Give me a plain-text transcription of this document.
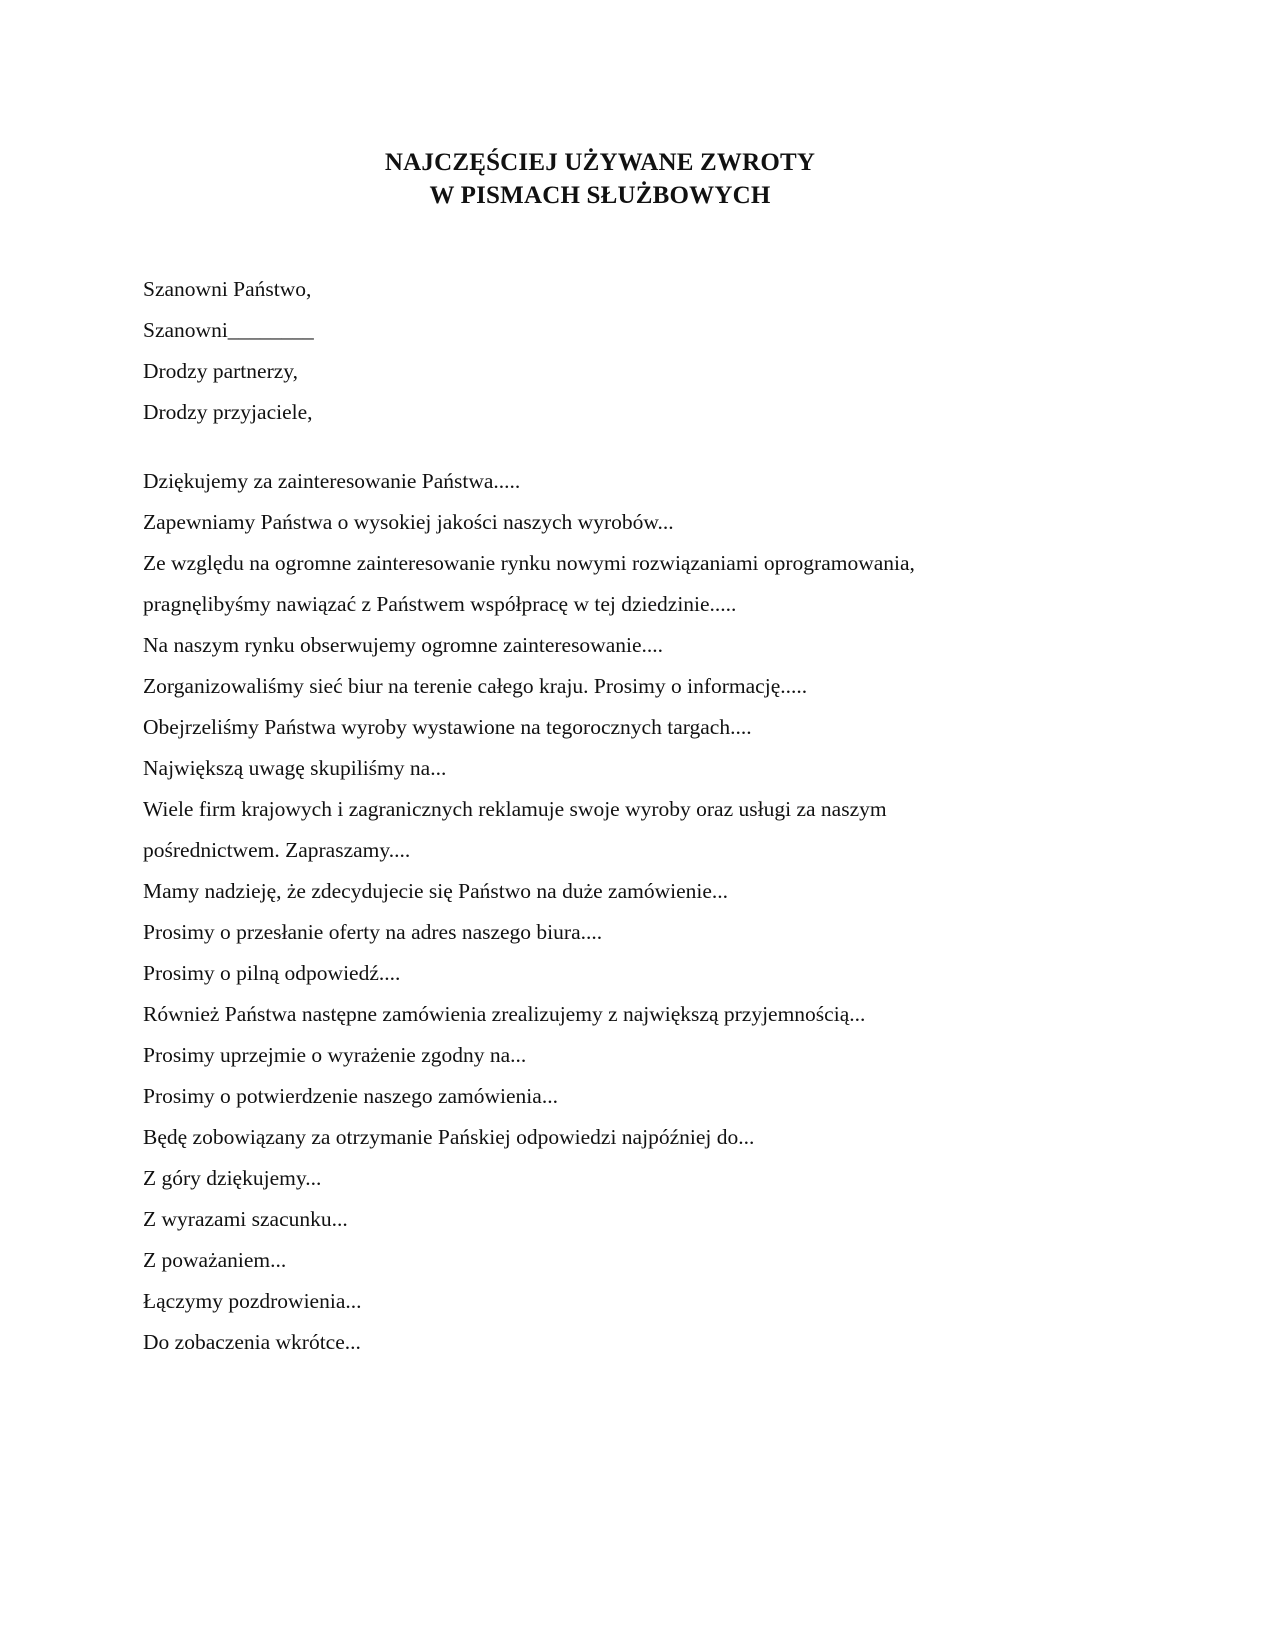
NAJCZĘŚCIEJ UŻYWANE ZWROTY
W PISMACH SŁUŻBOWYCH
Szanowni Państwo,
Szanowni________
Drodzy partnerzy,
Drodzy przyjaciele,
Dziękujemy za zainteresowanie Państwa.....
Zapewniamy Państwa o wysokiej jakości naszych wyrobów...
Ze względu na ogromne zainteresowanie rynku nowymi rozwiązaniami oprogramowania,
pragnęlibyśmy nawiązać z Państwem współpracę w tej dziedzinie.....
Na naszym rynku obserwujemy ogromne zainteresowanie....
Zorganizowaliśmy sieć biur na terenie całego kraju. Prosimy o informację.....
Obejrzeliśmy Państwa wyroby wystawione na tegorocznych targach....
Największą uwagę skupiliśmy na...
Wiele firm krajowych i zagranicznych reklamuje swoje wyroby oraz usługi za naszym
pośrednictwem. Zapraszamy....
Mamy nadzieję, że zdecydujecie się Państwo na duże zamówienie...
Prosimy o przesłanie oferty na adres naszego biura....
Prosimy o pilną odpowiedź....
Również Państwa następne zamówienia zrealizujemy z największą przyjemnością...
Prosimy uprzejmie o wyrażenie zgodny na...
Prosimy o potwierdzenie naszego zamówienia...
Będę zobowiązany za otrzymanie Pańskiej odpowiedzi najpóźniej do...
Z góry dziękujemy...
Z wyrazami szacunku...
Z poważaniem...
Łączymy pozdrowienia...
Do zobaczenia wkrótce...
